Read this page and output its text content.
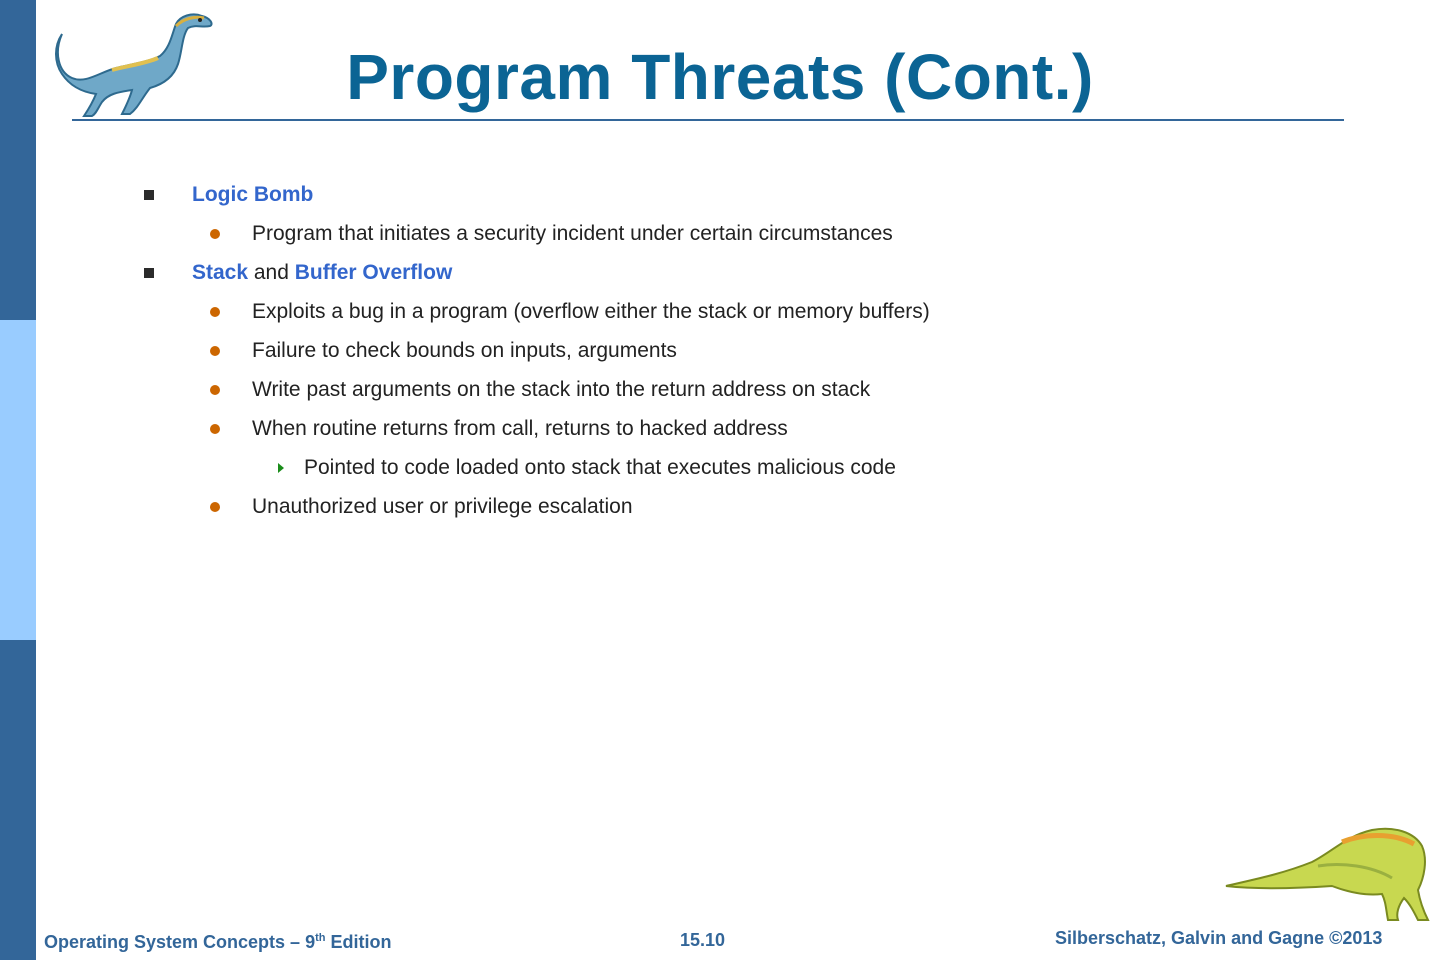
Program Threats (Cont.)
Logic Bomb
Program that initiates a security incident under certain circumstances
Stack and Buffer Overflow
Exploits a bug in a program (overflow either the stack or memory buffers)
Failure to check bounds on inputs, arguments
Write past arguments on the stack into the return address on stack
When routine returns from call, returns to hacked address
Pointed to code loaded onto stack that executes malicious code
Unauthorized user or privilege escalation
Operating System Concepts – 9th Edition	15.10	Silberschatz, Galvin and Gagne ©2013
